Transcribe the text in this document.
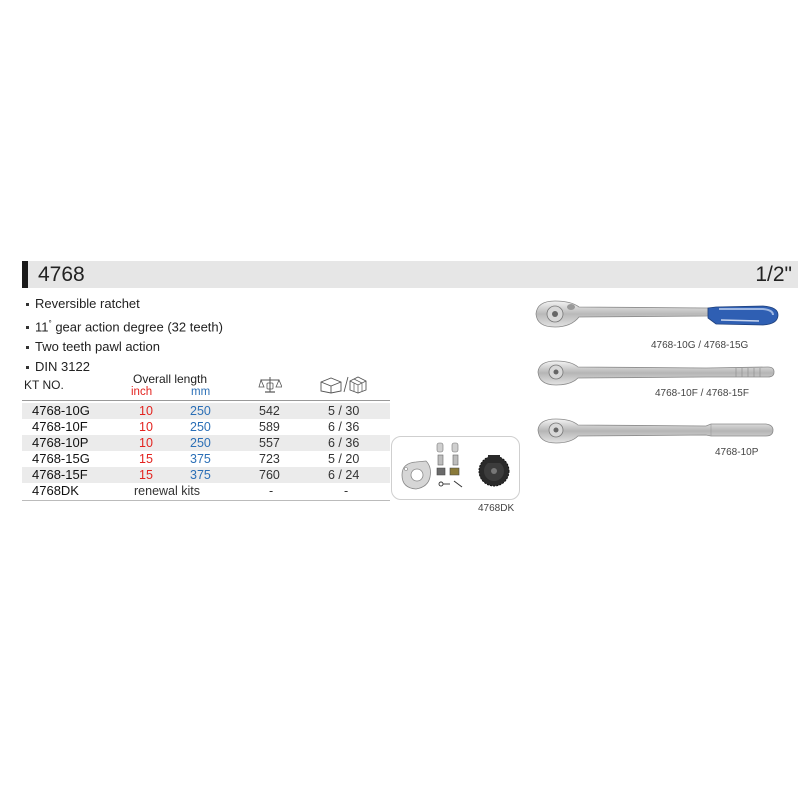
4768	1/2"
Reversible ratchet
11° gear action degree (32 teeth)
Two teeth pawl action
DIN 3122
KT NO.	Overall length
inch	mm
4768-10G	10	250	542	5 / 30
4768-10F	10	250	589	6 / 36
4768-10P	10	250	557	6 / 36
4768-15G	15	375	723	5 / 20
4768-15F	15	375	760	6 / 24
4768DK	renewal kits	-	-
4768DK
4768-10G / 4768-15G
4768-10F / 4768-15F
4768-10P
